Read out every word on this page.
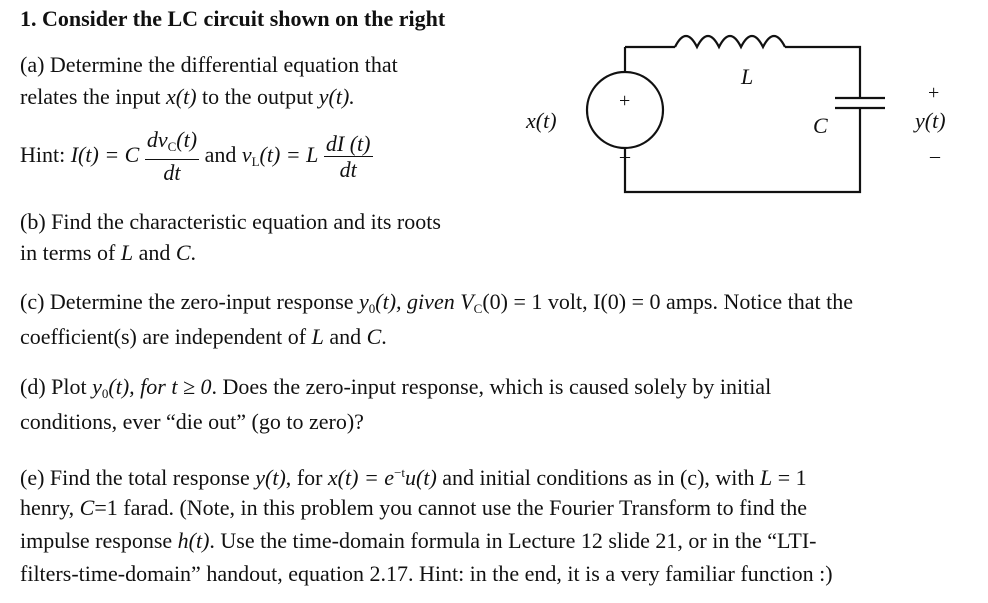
1. Consider the LC circuit shown on the right
(a) Determine the differential equation that
relates the input x(t) to the output y(t).
Hint: I(t) = C $\frac{dv_C(t)}{dt}$ and $v_L(t) = L \frac{dI (t)}{dt}$
(b) Find the characteristic equation and its roots
in terms of L and C.
(c) Determine the zero-input response $y_0(t)$, given $V_C(0) = 1$ volt, I(0) = 0 amps. Notice that the
coefficient(s) are independent of L and C.
(d) Plot $y_0(t)$, for t ≥ 0. Does the zero-input response, which is caused solely by initial
conditions, ever “die out” (go to zero)?
(e) Find the total response y(t), for $x(t) = e^{-t}u(t)$ and initial conditions as in (c), with L = 1
henry, C=1 farad. (Note, in this problem you cannot use the Fourier Transform to find the
impulse response h(t). Use the time-domain formula in Lecture 12 slide 21, or in the “LTI-
filters-time-domain” handout, equation 2.17. Hint: in the end, it is a very familiar function :)
+
–
x(t)
L
C
+
y(t)
–
